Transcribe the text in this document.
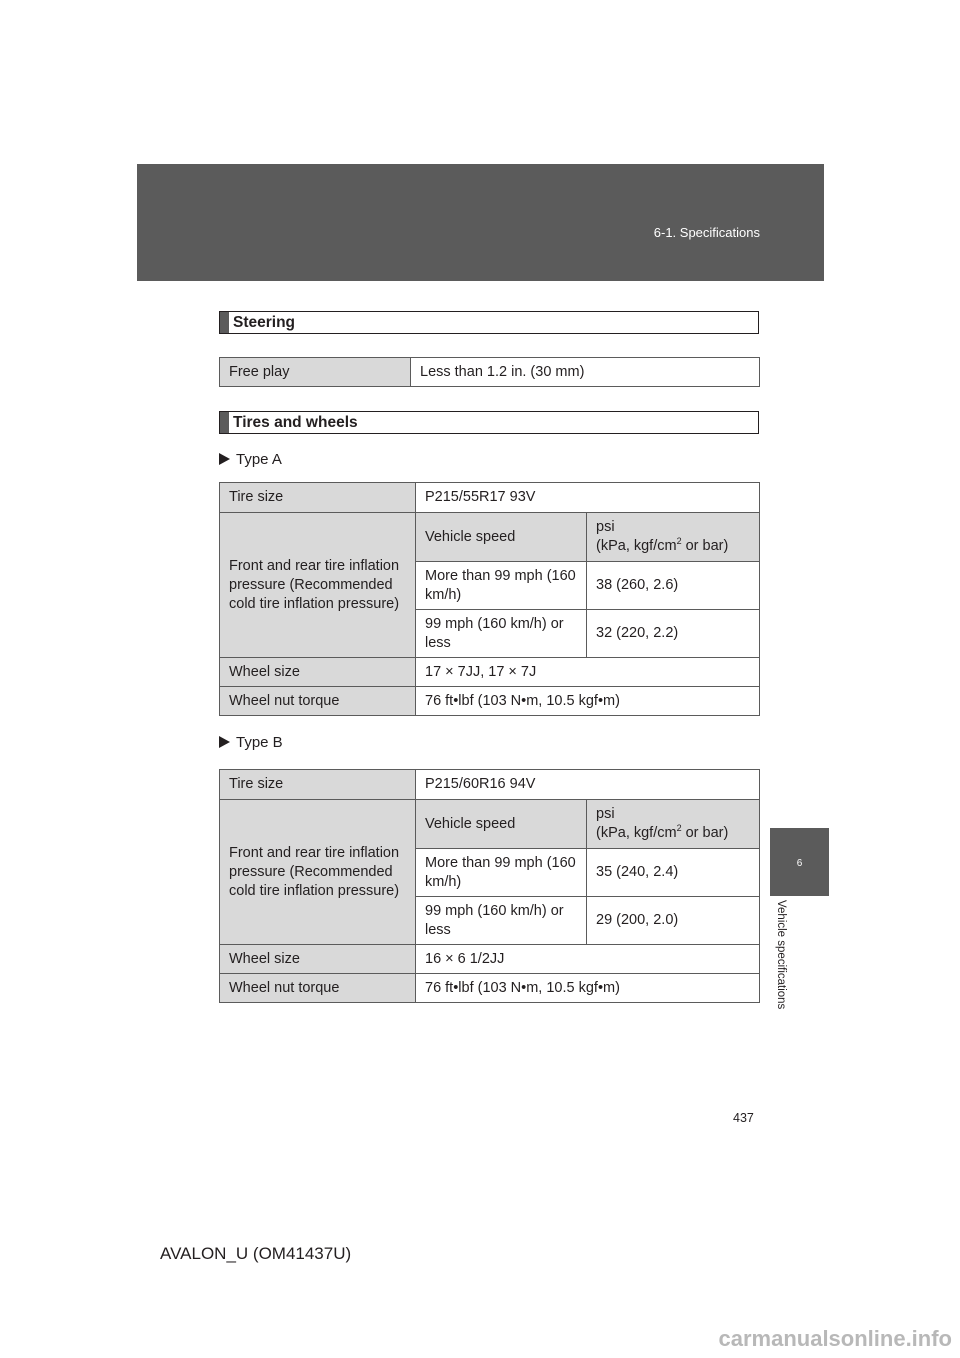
6-1. Specifications
6
Vehicle specifications
Steering
Free play	Less than 1.2 in. (30 mm)
Tires and wheels
Type A
Tire size	P215/55R17 93V	
Front and rear tire inflation pressure (Recommended cold tire inflation pressure)	Vehicle speed	psi
(kPa, kgf/$cm^2$ or bar)
	More than 99 mph (160 km/h)	38 (260, 2.6)
	99 mph (160 km/h) or less	32 (220, 2.2)
Wheel size	17 × 7JJ, 17 × 7J	
Wheel nut torque	76 ft•lbf (103 N•m, 10.5 kgf•m)	
Type B
Tire size	P215/60R16 94V	
Front and rear tire inflation pressure (Recommended cold tire inflation pressure)	Vehicle speed	psi
(kPa, kgf/$cm^2$ or bar)
	More than 99 mph (160 km/h)	35 (240, 2.4)
	99 mph (160 km/h) or less	29 (200, 2.0)
Wheel size	16 × 6 1/2JJ	
Wheel nut torque	76 ft•lbf (103 N•m, 10.5 kgf•m)	
437
AVALON_U (OM41437U)
carmanualsonline.info
